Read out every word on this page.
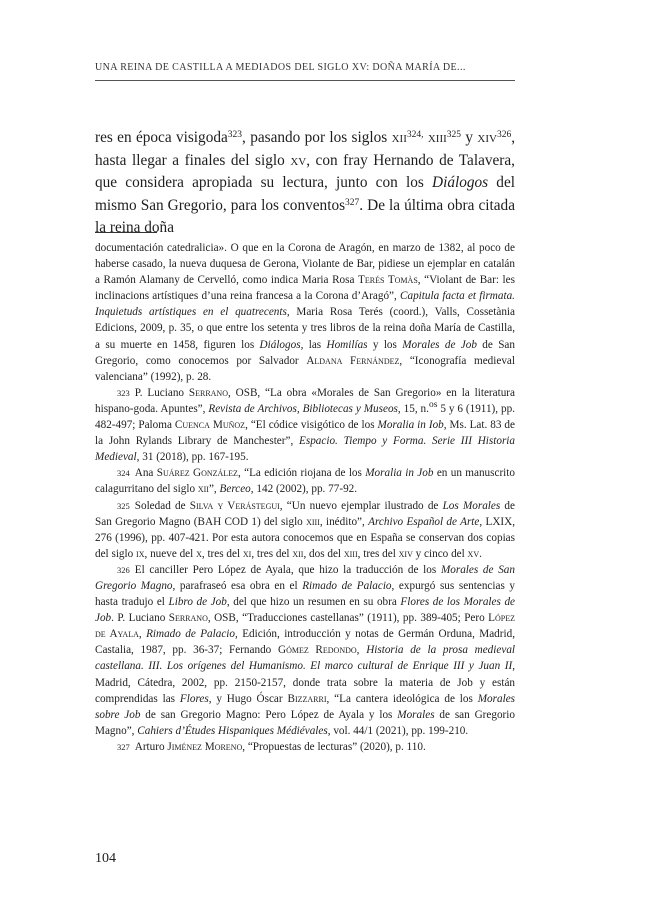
UNA REINA DE CASTILLA A MEDIADOS DEL SIGLO XV: DOÑA MARÍA DE...

res en época visigoda$^{323}$, pasando por los siglos xii$^{324,}$ xiii$^{325}$ y xiv$^{326}$, hasta llegar a finales del siglo xv, con fray Hernando de Talavera, que considera apropiada su lectura, junto con los Diálogos del mismo San Gregorio, para los conventos$^{327}$. De la última obra citada la reina doña

documentación catedralicia». O que en la Corona de Aragón, en marzo de 1382, al poco de haberse casado, la nueva duquesa de Gerona, Violante de Bar, pidiese un ejemplar en catalán a Ramón Alamany de Cervelló, como indica Maria Rosa Terés Tomàs, “Violant de Bar: les inclinacions artístiques d’una reina francesa a la Corona d’Aragó”, Capitula facta et firmata. Inquietuds artístiques en el quatrecents, Maria Rosa Terés (coord.), Valls, Cossetània Edicions, 2009, p. 35, o que entre los setenta y tres libros de la reina doña María de Castilla, a su muerte en 1458, figuren los Diálogos, las Homilías y los Morales de Job de San Gregorio, como conocemos por Salvador Aldana Fernández, “Iconografía medieval valenciana” (1992), p. 28.

323 P. Luciano Serrano, OSB, “La obra «Morales de San Gregorio» en la literatura hispano-goda. Apuntes”, Revista de Archivos, Bibliotecas y Museos, 15, n.$^{os}$ 5 y 6 (1911), pp. 482-497; Paloma Cuenca Muñoz, “El códice visigótico de los Moralia in Iob, Ms. Lat. 83 de la John Rylands Library de Manchester”, Espacio. Tiempo y Forma. Serie III Historia Medieval, 31 (2018), pp. 167-195.

324 Ana Suárez González, “La edición riojana de los Moralia in Job en un manuscrito calagurritano del siglo xii”, Berceo, 142 (2002), pp. 77-92.

325 Soledad de Silva y Verástegui, “Un nuevo ejemplar ilustrado de Los Morales de San Gregorio Magno (BAH COD 1) del siglo xiii, inédito”, Archivo Español de Arte, LXIX, 276 (1996), pp. 407-421. Por esta autora conocemos que en España se conservan dos copias del siglo ix, nueve del x, tres del xi, tres del xii, dos del xiii, tres del xiv y cinco del xv.

326 El canciller Pero López de Ayala, que hizo la traducción de los Morales de San Gregorio Magno, parafraseó esa obra en el Rimado de Palacio, expurgó sus sentencias y hasta tradujo el Libro de Job, del que hizo un resumen en su obra Flores de los Morales de Job. P. Luciano Serrano, OSB, “Traducciones castellanas” (1911), pp. 389-405; Pero López de Ayala, Rimado de Palacio, Edición, introducción y notas de Germán Orduna, Madrid, Castalia, 1987, pp. 36-37; Fernando Gómez Redondo, Historia de la prosa medieval castellana. III. Los orígenes del Humanismo. El marco cultural de Enrique III y Juan II, Madrid, Cátedra, 2002, pp. 2150-2157, donde trata sobre la materia de Job y están comprendidas las Flores, y Hugo Óscar Bizzarri, “La cantera ideológica de los Morales sobre Job de san Gregorio Magno: Pero López de Ayala y los Morales de san Gregorio Magno”, Cahiers d’Études Hispaniques Médiévales, vol. 44/1 (2021), pp. 199-210.

327 Arturo Jiménez Moreno, “Propuestas de lecturas” (2020), p. 110.

104
